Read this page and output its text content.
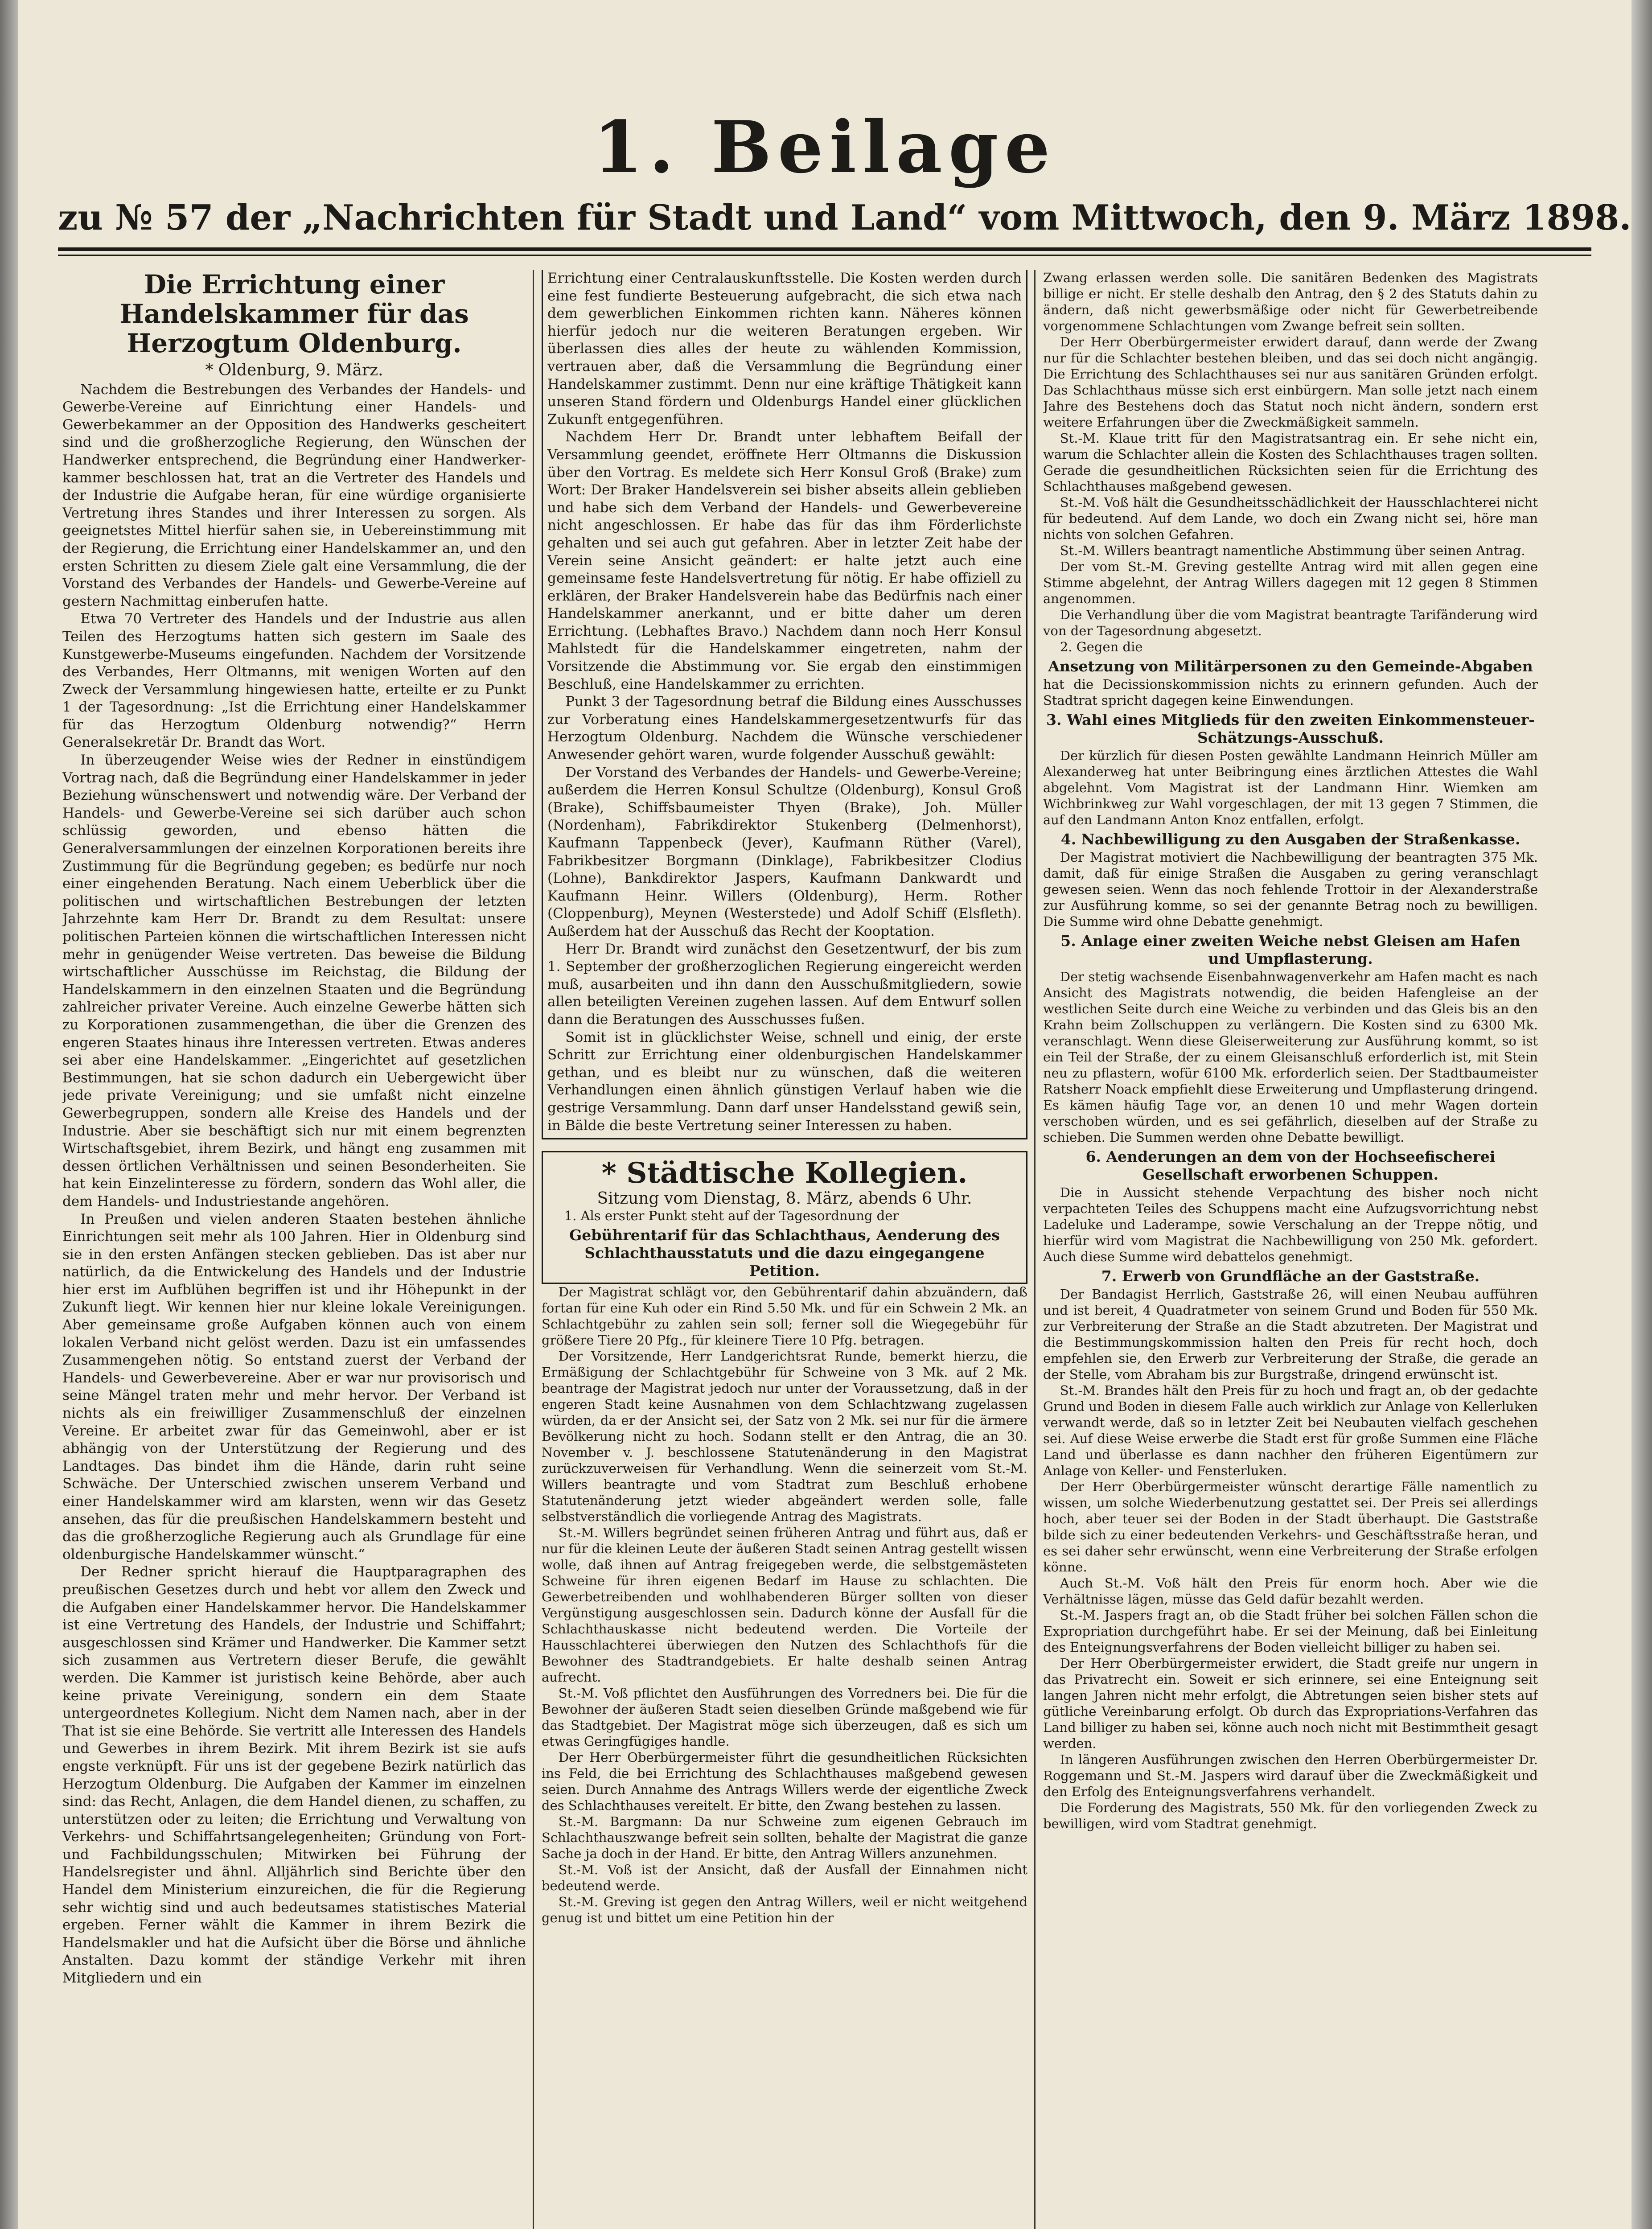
1. Beilage
zu № 57 der „Nachrichten für Stadt und Land“ vom Mittwoch, den 9. März 1898.
Die Errichtung einer Handelskammer für das Herzogtum Oldenburg.
* Oldenburg, 9. März.

Nachdem die Bestrebungen des Verbandes der Handels- und Gewerbe-Vereine auf Einrichtung einer Handels- und Gewerbekammer an der Opposition des Handwerks gescheitert sind und die großherzogliche Regierung, den Wünschen der Handwerker entsprechend, die Begründung einer Handwerker-kammer beschlossen hat, trat an die Vertreter des Handels und der Industrie die Aufgabe heran, für eine würdige organisierte Vertretung ihres Standes und ihrer Interessen zu sorgen. Als geeignetstes Mittel hierfür sahen sie, in Uebereinstimmung mit der Regierung, die Errichtung einer Handelskammer an, und den ersten Schritten zu diesem Ziele galt eine Versammlung, die der Vorstand des Verbandes der Handels- und Gewerbe-Vereine auf gestern Nachmittag einberufen hatte.

Etwa 70 Vertreter des Handels und der Industrie aus allen Teilen des Herzogtums hatten sich gestern im Saale des Kunstgewerbe-Museums eingefunden. Nachdem der Vorsitzende des Verbandes, Herr Oltmanns, mit wenigen Worten auf den Zweck der Versammlung hingewiesen hatte, erteilte er zu Punkt 1 der Tagesordnung: „Ist die Errichtung einer Handelskammer für das Herzogtum Oldenburg notwendig?“ Herrn Generalsekretär Dr. Brandt das Wort.

In überzeugender Weise wies der Redner in einstündigem Vortrag nach, daß die Begründung einer Handelskammer in jeder Beziehung wünschenswert und notwendig wäre. Der Verband der Handels- und Gewerbe-Vereine sei sich darüber auch schon schlüssig geworden, und ebenso hätten die Generalversammlungen der einzelnen Korporationen bereits ihre Zustimmung für die Begründung gegeben; es bedürfe nur noch einer eingehenden Beratung. Nach einem Ueberblick über die politischen und wirtschaftlichen Bestrebungen der letzten Jahrzehnte kam Herr Dr. Brandt zu dem Resultat: unsere politischen Parteien können die wirtschaftlichen Interessen nicht mehr in genügender Weise vertreten. Das beweise die Bildung wirtschaftlicher Ausschüsse im Reichstag, die Bildung der Handelskammern in den einzelnen Staaten und die Begründung zahlreicher privater Vereine. Auch einzelne Gewerbe hätten sich zu Korporationen zusammengethan, die über die Grenzen des engeren Staates hinaus ihre Interessen vertreten. Etwas anderes sei aber eine Handelskammer. „Eingerichtet auf gesetzlichen Bestimmungen, hat sie schon dadurch ein Uebergewicht über jede private Vereinigung; und sie umfaßt nicht einzelne Gewerbegruppen, sondern alle Kreise des Handels und der Industrie. Aber sie beschäftigt sich nur mit einem begrenzten Wirtschaftsgebiet, ihrem Bezirk, und hängt eng zusammen mit dessen örtlichen Verhältnissen und seinen Besonderheiten. Sie hat kein Einzelinteresse zu fördern, sondern das Wohl aller, die dem Handels- und Industriestande angehören.

In Preußen und vielen anderen Staaten bestehen ähnliche Einrichtungen seit mehr als 100 Jahren. Hier in Oldenburg sind sie in den ersten Anfängen stecken geblieben. Das ist aber nur natürlich, da die Entwickelung des Handels und der Industrie hier erst im Aufblühen begriffen ist und ihr Höhepunkt in der Zukunft liegt. Wir kennen hier nur kleine lokale Vereinigungen. Aber gemeinsame große Aufgaben können auch von einem lokalen Verband nicht gelöst werden. Dazu ist ein umfassendes Zusammengehen nötig. So entstand zuerst der Verband der Handels- und Gewerbevereine. Aber er war nur provisorisch und seine Mängel traten mehr und mehr hervor. Der Verband ist nichts als ein freiwilliger Zusammenschluß der einzelnen Vereine. Er arbeitet zwar für das Gemeinwohl, aber er ist abhängig von der Unterstützung der Regierung und des Landtages. Das bindet ihm die Hände, darin ruht seine Schwäche. Der Unterschied zwischen unserem Verband und einer Handelskammer wird am klarsten, wenn wir das Gesetz ansehen, das für die preußischen Handelskammern besteht und das die großherzogliche Regierung auch als Grundlage für eine oldenburgische Handelskammer wünscht.“

Der Redner spricht hierauf die Hauptparagraphen des preußischen Gesetzes durch und hebt vor allem den Zweck und die Aufgaben einer Handelskammer hervor. Die Handelskammer ist eine Vertretung des Handels, der Industrie und Schiffahrt; ausgeschlossen sind Krämer und Handwerker. Die Kammer setzt sich zusammen aus Vertretern dieser Berufe, die gewählt werden. Die Kammer ist juristisch keine Behörde, aber auch keine private Vereinigung, sondern ein dem Staate untergeordnetes Kollegium. Nicht dem Namen nach, aber in der That ist sie eine Behörde. Sie vertritt alle Interessen des Handels und Gewerbes in ihrem Bezirk. Mit ihrem Bezirk ist sie aufs engste verknüpft. Für uns ist der gegebene Bezirk natürlich das Herzogtum Oldenburg. Die Aufgaben der Kammer im einzelnen sind: das Recht, Anlagen, die dem Handel dienen, zu schaffen, zu unterstützen oder zu leiten; die Errichtung und Verwaltung von Verkehrs- und Schiffahrtsangelegenheiten; Gründung von Fort- und Fachbildungsschulen; Mitwirken bei Führung der Handelsregister und ähnl. Alljährlich sind Berichte über den Handel dem Ministerium einzureichen, die für die Regierung sehr wichtig sind und auch bedeutsames statistisches Material ergeben. Ferner wählt die Kammer in ihrem Bezirk die Handelsmakler und hat die Aufsicht über die Börse und ähnliche Anstalten. Dazu kommt der ständige Verkehr mit ihren Mitgliedern und ein

Errichtung einer Centralauskunftsstelle. Die Kosten werden durch eine fest fundierte Besteuerung aufgebracht, die sich etwa nach dem gewerblichen Einkommen richten kann. Näheres können hierfür jedoch nur die weiteren Beratungen ergeben. Wir überlassen dies alles der heute zu wählenden Kommission, vertrauen aber, daß die Versammlung die Begründung einer Handelskammer zustimmt. Denn nur eine kräftige Thätigkeit kann unseren Stand fördern und Oldenburgs Handel einer glücklichen Zukunft entgegenführen.

Nachdem Herr Dr. Brandt unter lebhaftem Beifall der Versammlung geendet, eröffnete Herr Oltmanns die Diskussion über den Vortrag. Es meldete sich Herr Konsul Groß (Brake) zum Wort: Der Braker Handelsverein sei bisher abseits allein geblieben und habe sich dem Verband der Handels- und Gewerbevereine nicht angeschlossen. Er habe das für das ihm Förderlichste gehalten und sei auch gut gefahren. Aber in letzter Zeit habe der Verein seine Ansicht geändert: er halte jetzt auch eine gemeinsame feste Handelsvertretung für nötig. Er habe offiziell zu erklären, der Braker Handelsverein habe das Bedürfnis nach einer Handelskammer anerkannt, und er bitte daher um deren Errichtung. (Lebhaftes Bravo.) Nachdem dann noch Herr Konsul Mahlstedt für die Handelskammer eingetreten, nahm der Vorsitzende die Abstimmung vor. Sie ergab den einstimmigen Beschluß, eine Handelskammer zu errichten.

Punkt 3 der Tagesordnung betraf die Bildung eines Ausschusses zur Vorberatung eines Handelskammergesetzentwurfs für das Herzogtum Oldenburg. Nachdem die Wünsche verschiedener Anwesender gehört waren, wurde folgender Ausschuß gewählt:

Der Vorstand des Verbandes der Handels- und Gewerbe-Vereine; außerdem die Herren Konsul Schultze (Oldenburg), Konsul Groß (Brake), Schiffsbaumeister Thyen (Brake), Joh. Müller (Nordenham), Fabrikdirektor Stukenberg (Delmenhorst), Kaufmann Tappenbeck (Jever), Kaufmann Rüther (Varel), Fabrikbesitzer Borgmann (Dinklage), Fabrikbesitzer Clodius (Lohne), Bankdirektor Jaspers, Kaufmann Dankwardt und Kaufmann Heinr. Willers (Oldenburg), Herm. Rother (Cloppenburg), Meynen (Westerstede) und Adolf Schiff (Elsfleth). Außerdem hat der Ausschuß das Recht der Kooptation.

Herr Dr. Brandt wird zunächst den Gesetzentwurf, der bis zum 1. September der großherzoglichen Regierung eingereicht werden muß, ausarbeiten und ihn dann den Ausschußmitgliedern, sowie allen beteiligten Vereinen zugehen lassen. Auf dem Entwurf sollen dann die Beratungen des Ausschusses fußen.

Somit ist in glücklichster Weise, schnell und einig, der erste Schritt zur Errichtung einer oldenburgischen Handelskammer gethan, und es bleibt nur zu wünschen, daß die weiteren Verhandlungen einen ähnlich günstigen Verlauf haben wie die gestrige Versammlung. Dann darf unser Handelsstand gewiß sein, in Bälde die beste Vertretung seiner Interessen zu haben.

* Städtische Kollegien.
Sitzung vom Dienstag, 8. März, abends 6 Uhr.

1. Als erster Punkt steht auf der Tagesordnung der

Gebührentarif für das Schlachthaus, Aenderung des Schlachthausstatuts und die dazu eingegangene Petition.

Der Magistrat schlägt vor, den Gebührentarif dahin abzuändern, daß fortan für eine Kuh oder ein Rind 5.50 Mk. und für ein Schwein 2 Mk. an Schlachtgebühr zu zahlen sein soll; ferner soll die Wiegegebühr für größere Tiere 20 Pfg., für kleinere Tiere 10 Pfg. betragen.

Der Vorsitzende, Herr Landgerichtsrat Runde, bemerkt hierzu, die Ermäßigung der Schlachtgebühr für Schweine von 3 Mk. auf 2 Mk. beantrage der Magistrat jedoch nur unter der Voraussetzung, daß in der engeren Stadt keine Ausnahmen von dem Schlachtzwang zugelassen würden, da er der Ansicht sei, der Satz von 2 Mk. sei nur für die ärmere Bevölkerung nicht zu hoch. Sodann stellt er den Antrag, die an 30. November v. J. beschlossene Statutenänderung in den Magistrat zurückzuverweisen für Verhandlung. Wenn die seinerzeit vom St.-M. Willers beantragte und vom Stadtrat zum Beschluß erhobene Statutenänderung jetzt wieder abgeändert werden solle, falle selbstverständlich die vorliegende Antrag des Magistrats.

St.-M. Willers begründet seinen früheren Antrag und führt aus, daß er nur für die kleinen Leute der äußeren Stadt seinen Antrag gestellt wissen wolle, daß ihnen auf Antrag freigegeben werde, die selbstgemästeten Schweine für ihren eigenen Bedarf im Hause zu schlachten. Die Gewerbetreibenden und wohlhabenderen Bürger sollten von dieser Vergünstigung ausgeschlossen sein. Dadurch könne der Ausfall für die Schlachthauskasse nicht bedeutend werden. Die Vorteile der Hausschlachterei überwiegen den Nutzen des Schlachthofs für die Bewohner des Stadtrandgebiets. Er halte deshalb seinen Antrag aufrecht.

St.-M. Voß pflichtet den Ausführungen des Vorredners bei. Die für die Bewohner der äußeren Stadt seien dieselben Gründe maßgebend wie für das Stadtgebiet. Der Magistrat möge sich überzeugen, daß es sich um etwas Geringfügiges handle.

Der Herr Oberbürgermeister führt die gesundheitlichen Rücksichten ins Feld, die bei Errichtung des Schlachthauses maßgebend gewesen seien. Durch Annahme des Antrags Willers werde der eigentliche Zweck des Schlachthauses vereitelt. Er bitte, den Zwang bestehen zu lassen.

St.-M. Bargmann: Da nur Schweine zum eigenen Gebrauch im Schlachthauszwange befreit sein sollten, behalte der Magistrat die ganze Sache ja doch in der Hand. Er bitte, den Antrag Willers anzunehmen.

St.-M. Voß ist der Ansicht, daß der Ausfall der Einnahmen nicht bedeutend werde.

St.-M. Greving ist gegen den Antrag Willers, weil er nicht weitgehend genug ist und bittet um eine Petition hin der

Zwang erlassen werden solle. Die sanitären Bedenken des Magistrats billige er nicht. Er stelle deshalb den Antrag, den § 2 des Statuts dahin zu ändern, daß nicht gewerbsmäßige oder nicht für Gewerbetreibende vorgenommene Schlachtungen vom Zwange befreit sein sollten.

Der Herr Oberbürgermeister erwidert darauf, dann werde der Zwang nur für die Schlachter bestehen bleiben, und das sei doch nicht angängig. Die Errichtung des Schlachthauses sei nur aus sanitären Gründen erfolgt. Das Schlachthaus müsse sich erst einbürgern. Man solle jetzt nach einem Jahre des Bestehens doch das Statut noch nicht ändern, sondern erst weitere Erfahrungen über die Zweckmäßigkeit sammeln.

St.-M. Klaue tritt für den Magistratsantrag ein. Er sehe nicht ein, warum die Schlachter allein die Kosten des Schlachthauses tragen sollten. Gerade die gesundheitlichen Rücksichten seien für die Errichtung des Schlachthauses maßgebend gewesen.

St.-M. Voß hält die Gesundheitsschädlichkeit der Hausschlachterei nicht für bedeutend. Auf dem Lande, wo doch ein Zwang nicht sei, höre man nichts von solchen Gefahren.

St.-M. Willers beantragt namentliche Abstimmung über seinen Antrag.

Der vom St.-M. Greving gestellte Antrag wird mit allen gegen eine Stimme abgelehnt, der Antrag Willers dagegen mit 12 gegen 8 Stimmen angenommen.

Die Verhandlung über die vom Magistrat beantragte Tarifänderung wird von der Tagesordnung abgesetzt.

2. Gegen die

Ansetzung von Militärpersonen zu den Gemeinde-Abgaben

hat die Decissionskommission nichts zu erinnern gefunden. Auch der Stadtrat spricht dagegen keine Einwendungen.

3. Wahl eines Mitglieds für den zweiten Einkommensteuer-Schätzungs-Ausschuß.

Der kürzlich für diesen Posten gewählte Landmann Heinrich Müller am Alexanderweg hat unter Beibringung eines ärztlichen Attestes die Wahl abgelehnt. Vom Magistrat ist der Landmann Hinr. Wiemken am Wichbrinkweg zur Wahl vorgeschlagen, der mit 13 gegen 7 Stimmen, die auf den Landmann Anton Knoz entfallen, erfolgt.

4. Nachbewilligung zu den Ausgaben der Straßenkasse.

Der Magistrat motiviert die Nachbewilligung der beantragten 375 Mk. damit, daß für einige Straßen die Ausgaben zu gering veranschlagt gewesen seien. Wenn das noch fehlende Trottoir in der Alexanderstraße zur Ausführung komme, so sei der genannte Betrag noch zu bewilligen. Die Summe wird ohne Debatte genehmigt.

5. Anlage einer zweiten Weiche nebst Gleisen am Hafen und Umpflasterung.

Der stetig wachsende Eisenbahnwagenverkehr am Hafen macht es nach Ansicht des Magistrats notwendig, die beiden Hafengleise an der westlichen Seite durch eine Weiche zu verbinden und das Gleis bis an den Krahn beim Zollschuppen zu verlängern. Die Kosten sind zu 6300 Mk. veranschlagt. Wenn diese Gleiserweiterung zur Ausführung kommt, so ist ein Teil der Straße, der zu einem Gleisanschluß erforderlich ist, mit Stein neu zu pflastern, wofür 6100 Mk. erforderlich seien. Der Stadtbaumeister Ratsherr Noack empfiehlt diese Erweiterung und Umpflasterung dringend. Es kämen häufig Tage vor, an denen 10 und mehr Wagen dortein verschoben würden, und es sei gefährlich, dieselben auf der Straße zu schieben. Die Summen werden ohne Debatte bewilligt.

6. Aenderungen an dem von der Hochseefischerei Gesellschaft erworbenen Schuppen.

Die in Aussicht stehende Verpachtung des bisher noch nicht verpachteten Teiles des Schuppens macht eine Aufzugsvorrichtung nebst Ladeluke und Laderampe, sowie Verschalung an der Treppe nötig, und hierfür wird vom Magistrat die Nachbewilligung von 250 Mk. gefordert. Auch diese Summe wird debattelos genehmigt.

7. Erwerb von Grundfläche an der Gaststraße.

Der Bandagist Herrlich, Gaststraße 26, will einen Neubau aufführen und ist bereit, 4 Quadratmeter von seinem Grund und Boden für 550 Mk. zur Verbreiterung der Straße an die Stadt abzutreten. Der Magistrat und die Bestimmungskommission halten den Preis für recht hoch, doch empfehlen sie, den Erwerb zur Verbreiterung der Straße, die gerade an der Stelle, vom Abraham bis zur Burgstraße, dringend erwünscht ist.

St.-M. Brandes hält den Preis für zu hoch und fragt an, ob der gedachte Grund und Boden in diesem Falle auch wirklich zur Anlage von Kellerluken verwandt werde, daß so in letzter Zeit bei Neubauten vielfach geschehen sei. Auf diese Weise erwerbe die Stadt erst für große Summen eine Fläche Land und überlasse es dann nachher den früheren Eigentümern zur Anlage von Keller- und Fensterluken.

Der Herr Oberbürgermeister wünscht derartige Fälle namentlich zu wissen, um solche Wiederbenutzung gestattet sei. Der Preis sei allerdings hoch, aber teuer sei der Boden in der Stadt überhaupt. Die Gaststraße bilde sich zu einer bedeutenden Verkehrs- und Geschäftsstraße heran, und es sei daher sehr erwünscht, wenn eine Verbreiterung der Straße erfolgen könne.

Auch St.-M. Voß hält den Preis für enorm hoch. Aber wie die Verhältnisse lägen, müsse das Geld dafür bezahlt werden.

St.-M. Jaspers fragt an, ob die Stadt früher bei solchen Fällen schon die Expropriation durchgeführt habe. Er sei der Meinung, daß bei Einleitung des Enteignungsverfahrens der Boden vielleicht billiger zu haben sei.

Der Herr Oberbürgermeister erwidert, die Stadt greife nur ungern in das Privatrecht ein. Soweit er sich erinnere, sei eine Enteignung seit langen Jahren nicht mehr erfolgt, die Abtretungen seien bisher stets auf gütliche Vereinbarung erfolgt. Ob durch das Expropriations-Verfahren das Land billiger zu haben sei, könne auch noch nicht mit Bestimmtheit gesagt werden.

In längeren Ausführungen zwischen den Herren Oberbürgermeister Dr. Roggemann und St.-M. Jaspers wird darauf über die Zweckmäßigkeit und den Erfolg des Enteignungsverfahrens verhandelt.

Die Forderung des Magistrats, 550 Mk. für den vorliegenden Zweck zu bewilligen, wird vom Stadtrat genehmigt.
